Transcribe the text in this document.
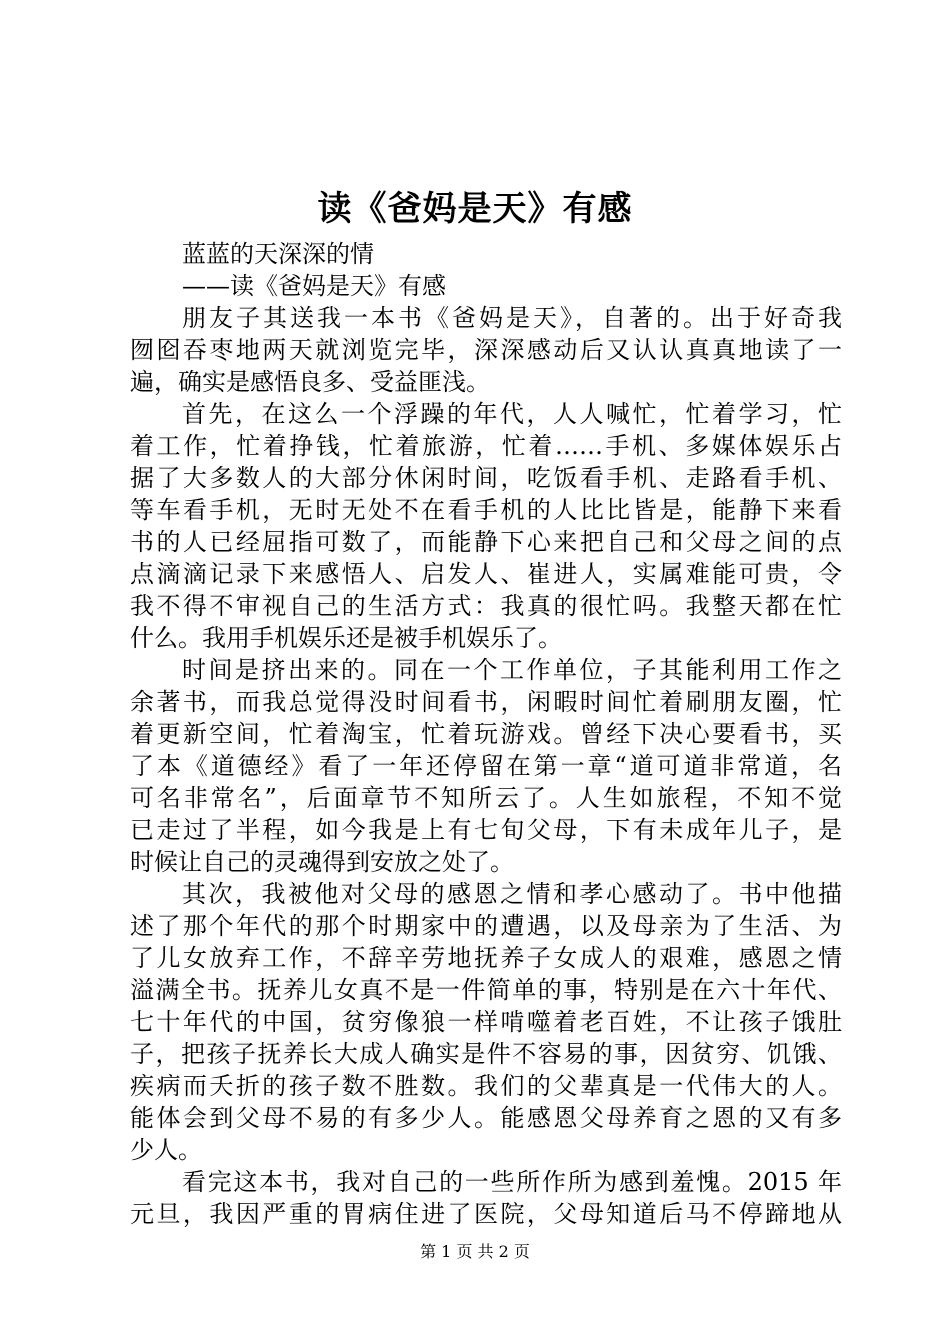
读《爸妈是天》有感
蓝蓝的天深深的情
——读《爸妈是天》有感
朋友子其送我一本书《爸妈是天》，自著的。出于好奇我
囫囵吞枣地两天就浏览完毕，深深感动后又认认真真地读了一
遍，确实是感悟良多、受益匪浅。
首先，在这么一个浮躁的年代，人人喊忙，忙着学习，忙
着工作，忙着挣钱，忙着旅游，忙着……手机、多媒体娱乐占
据了大多数人的大部分休闲时间，吃饭看手机、走路看手机、
等车看手机，无时无处不在看手机的人比比皆是，能静下来看
书的人已经屈指可数了，而能静下心来把自己和父母之间的点
点滴滴记录下来感悟人、启发人、崔进人，实属难能可贵，令
我不得不审视自己的生活方式：我真的很忙吗。我整天都在忙
什么。我用手机娱乐还是被手机娱乐了。
时间是挤出来的。同在一个工作单位，子其能利用工作之
余著书，而我总觉得没时间看书，闲暇时间忙着刷朋友圈，忙
着更新空间，忙着淘宝，忙着玩游戏。曾经下决心要看书，买
了本《道德经》看了一年还停留在第一章“道可道非常道，名
可名非常名”，后面章节不知所云了。人生如旅程，不知不觉
已走过了半程，如今我是上有七旬父母，下有未成年儿子，是
时候让自己的灵魂得到安放之处了。
其次，我被他对父母的感恩之情和孝心感动了。书中他描
述了那个年代的那个时期家中的遭遇，以及母亲为了生活、为
了儿女放弃工作，不辞辛劳地抚养子女成人的艰难，感恩之情
溢满全书。抚养儿女真不是一件简单的事，特别是在六十年代、
七十年代的中国，贫穷像狼一样啃噬着老百姓，不让孩子饿肚
子，把孩子抚养长大成人确实是件不容易的事，因贫穷、饥饿、
疾病而夭折的孩子数不胜数。我们的父辈真是一代伟大的人。
能体会到父母不易的有多少人。能感恩父母养育之恩的又有多
少人。
看完这本书，我对自己的一些所作所为感到羞愧。2015 年
元旦，我因严重的胃病住进了医院，父母知道后马不停蹄地从
第 1 页 共 2 页
